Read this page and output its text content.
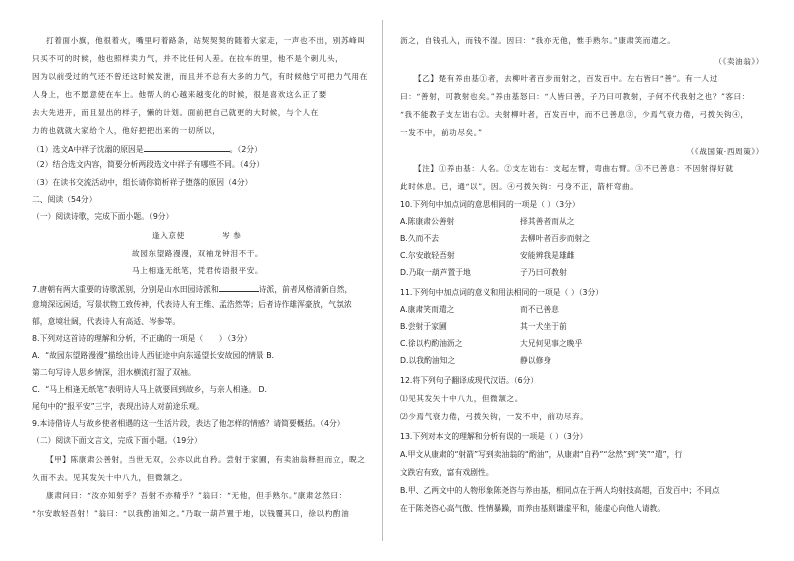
打着面小旗，他很着火，嘴里叼着路条，站契契契的随着大家走，一声也不出，别苏峰叫
只买不可的时候，他也照样卖力气，并不比任何人差。在拉车的里，他不是个刺儿头，
因为以前受过的气还不曾还这时候发泄，而且并不总有大多的力气，有时候他宁可把力气用在
人身上，也不愿意使在车上。他帮人的心越来越变化的时候，很是喜欢这么正了要
去大先进开，而且显出的样子，懒的计划。面前把自己就更的大时候，与个人在
力的也就就大家给个人，他好把把出来的一切所以，
（1）选文A中祥子沈溺的原因是	。（2分）
（2）结合选文内容，简要分析两段选文中祥子有哪些不同。（4分）
（3）在读书交流活动中，组长请你简析祥子堕落的原因（4分）
二、阅读（54分）
（一）阅读诗歌，完成下面小题。（9分）
逢入京使	岑 参
故园东望路漫漫，双袖龙钟泪不干。
马上相逢无纸笔，凭君传语报平安。
7.唐朝有两大重要的诗歌派别，分别是山水田园诗派和	诗派，前者风格清新自然，
意境深远闲适，写景状物工致传神，代表诗人有王维、孟浩然等；后者诗作雄浑豪放，气氛浓
郁，意境壮阔，代表诗人有高适、岑参等。
8.下列对这首诗的理解和分析，不正确的一项是（　　）（3分）
A．“故园东望路漫漫”描绘出诗人西征途中向东遥望长安故园的情景 B.
第二句写诗人思乡情深，泪水横流打湿了双袖。
C．“马上相逢无纸笔”表明诗人马上就要回到故乡，与亲人相逢。 D.
尾句中的“报平安”三字，表现出诗人对前途乐观。
9.本诗借诗人与故乡使者相遇的这一生活片段，表达了他怎样的情感？请简要概括。（4分）
（二）阅读下面文言文，完成下面小题。（19分）
【甲】陈康肃公善射，当世无双，公亦以此自矜。尝射于家圃，有卖油翁释担而立，睨之
久而不去。见其发矢十中八九，但微颔之。
康肃问曰：“汝亦知射乎？吾射不亦精乎？”翁曰：“无他，但手熟尔。”康肃忿然曰：
“尔安敢轻吾射！”翁曰：“以我酌油知之。”乃取一葫芦置于地，以钱覆其口，徐以杓酌油
沥之，自钱孔入，而钱不湿。因曰：“我亦无他，惟手熟尔。”康肃笑而遣之。
（《卖油翁》）
【乙】楚有养由基①者，去柳叶者百步而射之，百发百中。左右皆曰“善”。有一人过
曰：“善射，可教射也矣。”养由基怒曰：“人皆曰善，子乃曰可教射，子何不代我射之也？”客曰：
“我不能教子支左诎右②。夫射柳叶者，百发百中，而不已善息③，少焉气衰力倦，弓拨矢钩④，
一发不中，前功尽矣。”
（《战国策·西周策》）
【注】①养由基：人名。②支左诎右：支起左臂，弯曲右臂。③不已善息：不因射得好就
此时休息。已，通“以”，因。④弓拨矢钩：弓身不正，箭杆弯曲。
10.下列句中加点词的意思相同的一项是（ ）（3分）
A.陈康肃公善射	择其善者而从之
B.久而不去	去柳叶者百步而射之
C.尔安敢轻吾射	安能辨我是雄雌
D.乃取一葫芦置于地	子乃曰可教射
11.下列句中加点词的意义和用法相同的一项是（ ）（3分）
A.康肃笑而遣之	而不已善息
B.尝射于家圃	其一犬坐于前
C.徐以杓酌油沥之	大兄何见事之晚乎
D.以我酌油知之	静以修身
12.将下列句子翻译成现代汉语。（6分）
⑴见其发矢十中八九，但微颔之。
⑵少焉气衰力倦，弓拨矢钩，一发不中，前功尽弃。
13.下列对本文的理解和分析有误的一项是（ ）（3分）
A.甲文从康肃的“射箭”写到卖油翁的“酌油”，从康肃“自矜”“忿然”到“笑”“遣”，行
文跌宕有致，富有戏剧性。
B.甲、乙两文中的人物形象陈尧咨与养由基，相同点在于两人均射技高超，百发百中；不同点
在于陈尧咨心高气傲、性情暴躁，而养由基则谦虚平和，能虚心向他人请教。
